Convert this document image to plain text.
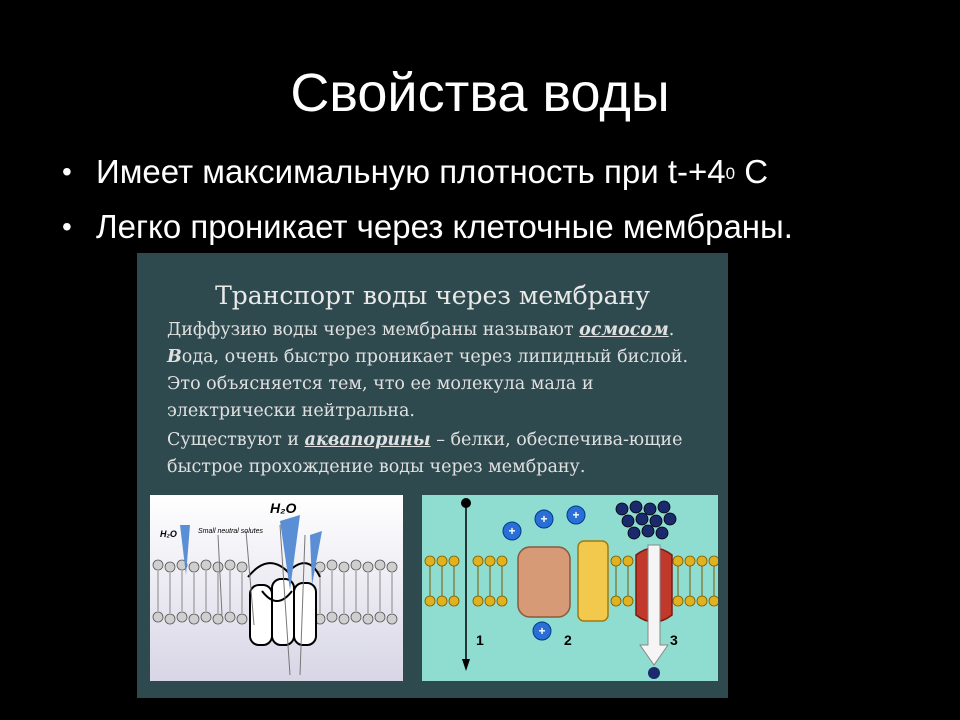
Свойства воды
• Имеет максимальную плотность при $t-+4^0$ С
• Легко проникает через клеточные мембраны.
Транспорт воды через мембрану

Диффузию воды через мембраны называют осмосом. Вода, очень быстро проникает через липидный бислой. Это объясняется тем, что ее молекула мала и электрически нейтральна.

Существуют и аквапорины – белки, обеспечива-ющие быстрое прохождение воды через мембрану.

H₂O
H₂O	Small neutral solutes	+
+ +
+
1	2	3
